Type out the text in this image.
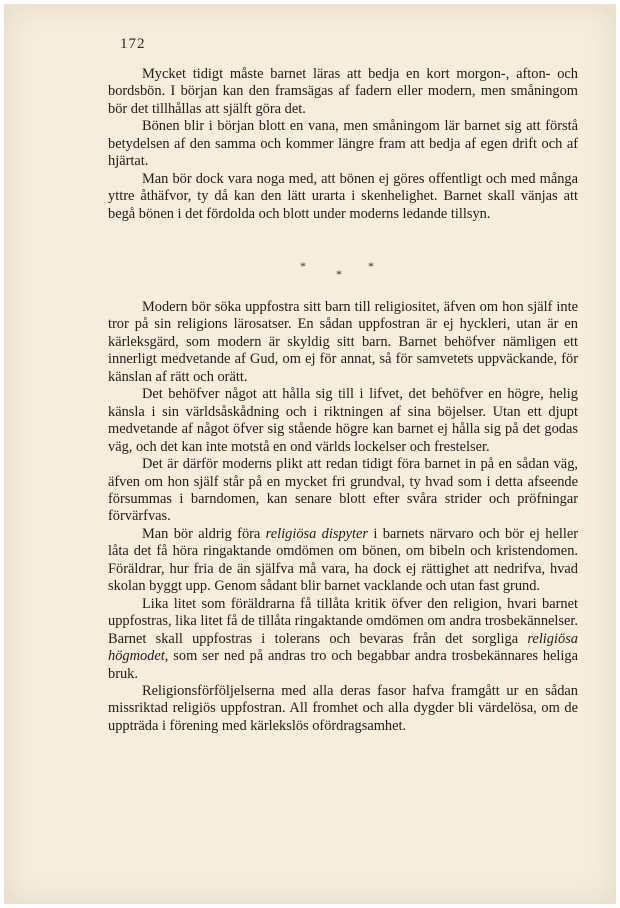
172

Mycket tidigt måste barnet läras att bedja en kort morgon-, afton- och bordsbön. I början kan den framsägas af fadern eller modern, men småningom bör det tillhållas att själft göra det.

Bönen blir i början blott en vana, men småningom lär barnet sig att förstå betydelsen af den samma och kommer längre fram att bedja af egen drift och af hjärtat.

Man bör dock vara noga med, att bönen ej göres offentligt och med många yttre åthäfvor, ty då kan den lätt urarta i skenhelighet. Barnet skall vänjas att begå bönen i det fördolda och blott under moderns ledande tillsyn.

*
*
*

Modern bör söka uppfostra sitt barn till religiositet, äfven om hon själf inte tror på sin religions lärosatser. En sådan uppfostran är ej hyckleri, utan är en kärleksgärd, som modern är skyldig sitt barn. Barnet behöfver nämligen ett innerligt medvetande af Gud, om ej för annat, så för samvetets uppväckande, för känslan af rätt och orätt.

Det behöfver något att hålla sig till i lifvet, det behöfver en högre, helig känsla i sin världsåskådning och i riktningen af sina böjelser. Utan ett djupt medvetande af något öfver sig stående högre kan barnet ej hålla sig på det godas väg, och det kan inte motstå en ond världs lockelser och frestelser.

Det är därför moderns plikt att redan tidigt föra barnet in på en sådan väg, äfven om hon själf står på en mycket fri grundval, ty hvad som i detta afseende försummas i barndomen, kan senare blott efter svåra strider och pröfningar förvärfvas.

Man bör aldrig föra religiösa dispyter i barnets närvaro och bör ej heller låta det få höra ringaktande omdömen om bönen, om bibeln och kristendomen. Föräldrar, hur fria de än själfva må vara, ha dock ej rättighet att nedrifva, hvad skolan byggt upp. Genom sådant blir barnet vacklande och utan fast grund.

Lika litet som föräldrarna få tillåta kritik öfver den religion, hvari barnet uppfostras, lika litet få de tillåta ringaktande omdömen om andra trosbekännelser. Barnet skall uppfostras i tolerans och bevaras från det sorgliga religiösa högmodet, som ser ned på andras tro och begabbar andra trosbekännares heliga bruk.

Religionsförföljelserna med alla deras fasor hafva framgått ur en sådan missriktad religiös uppfostran. All fromhet och alla dygder bli värdelösa, om de uppträda i förening med kärlekslös ofördragsamhet.
